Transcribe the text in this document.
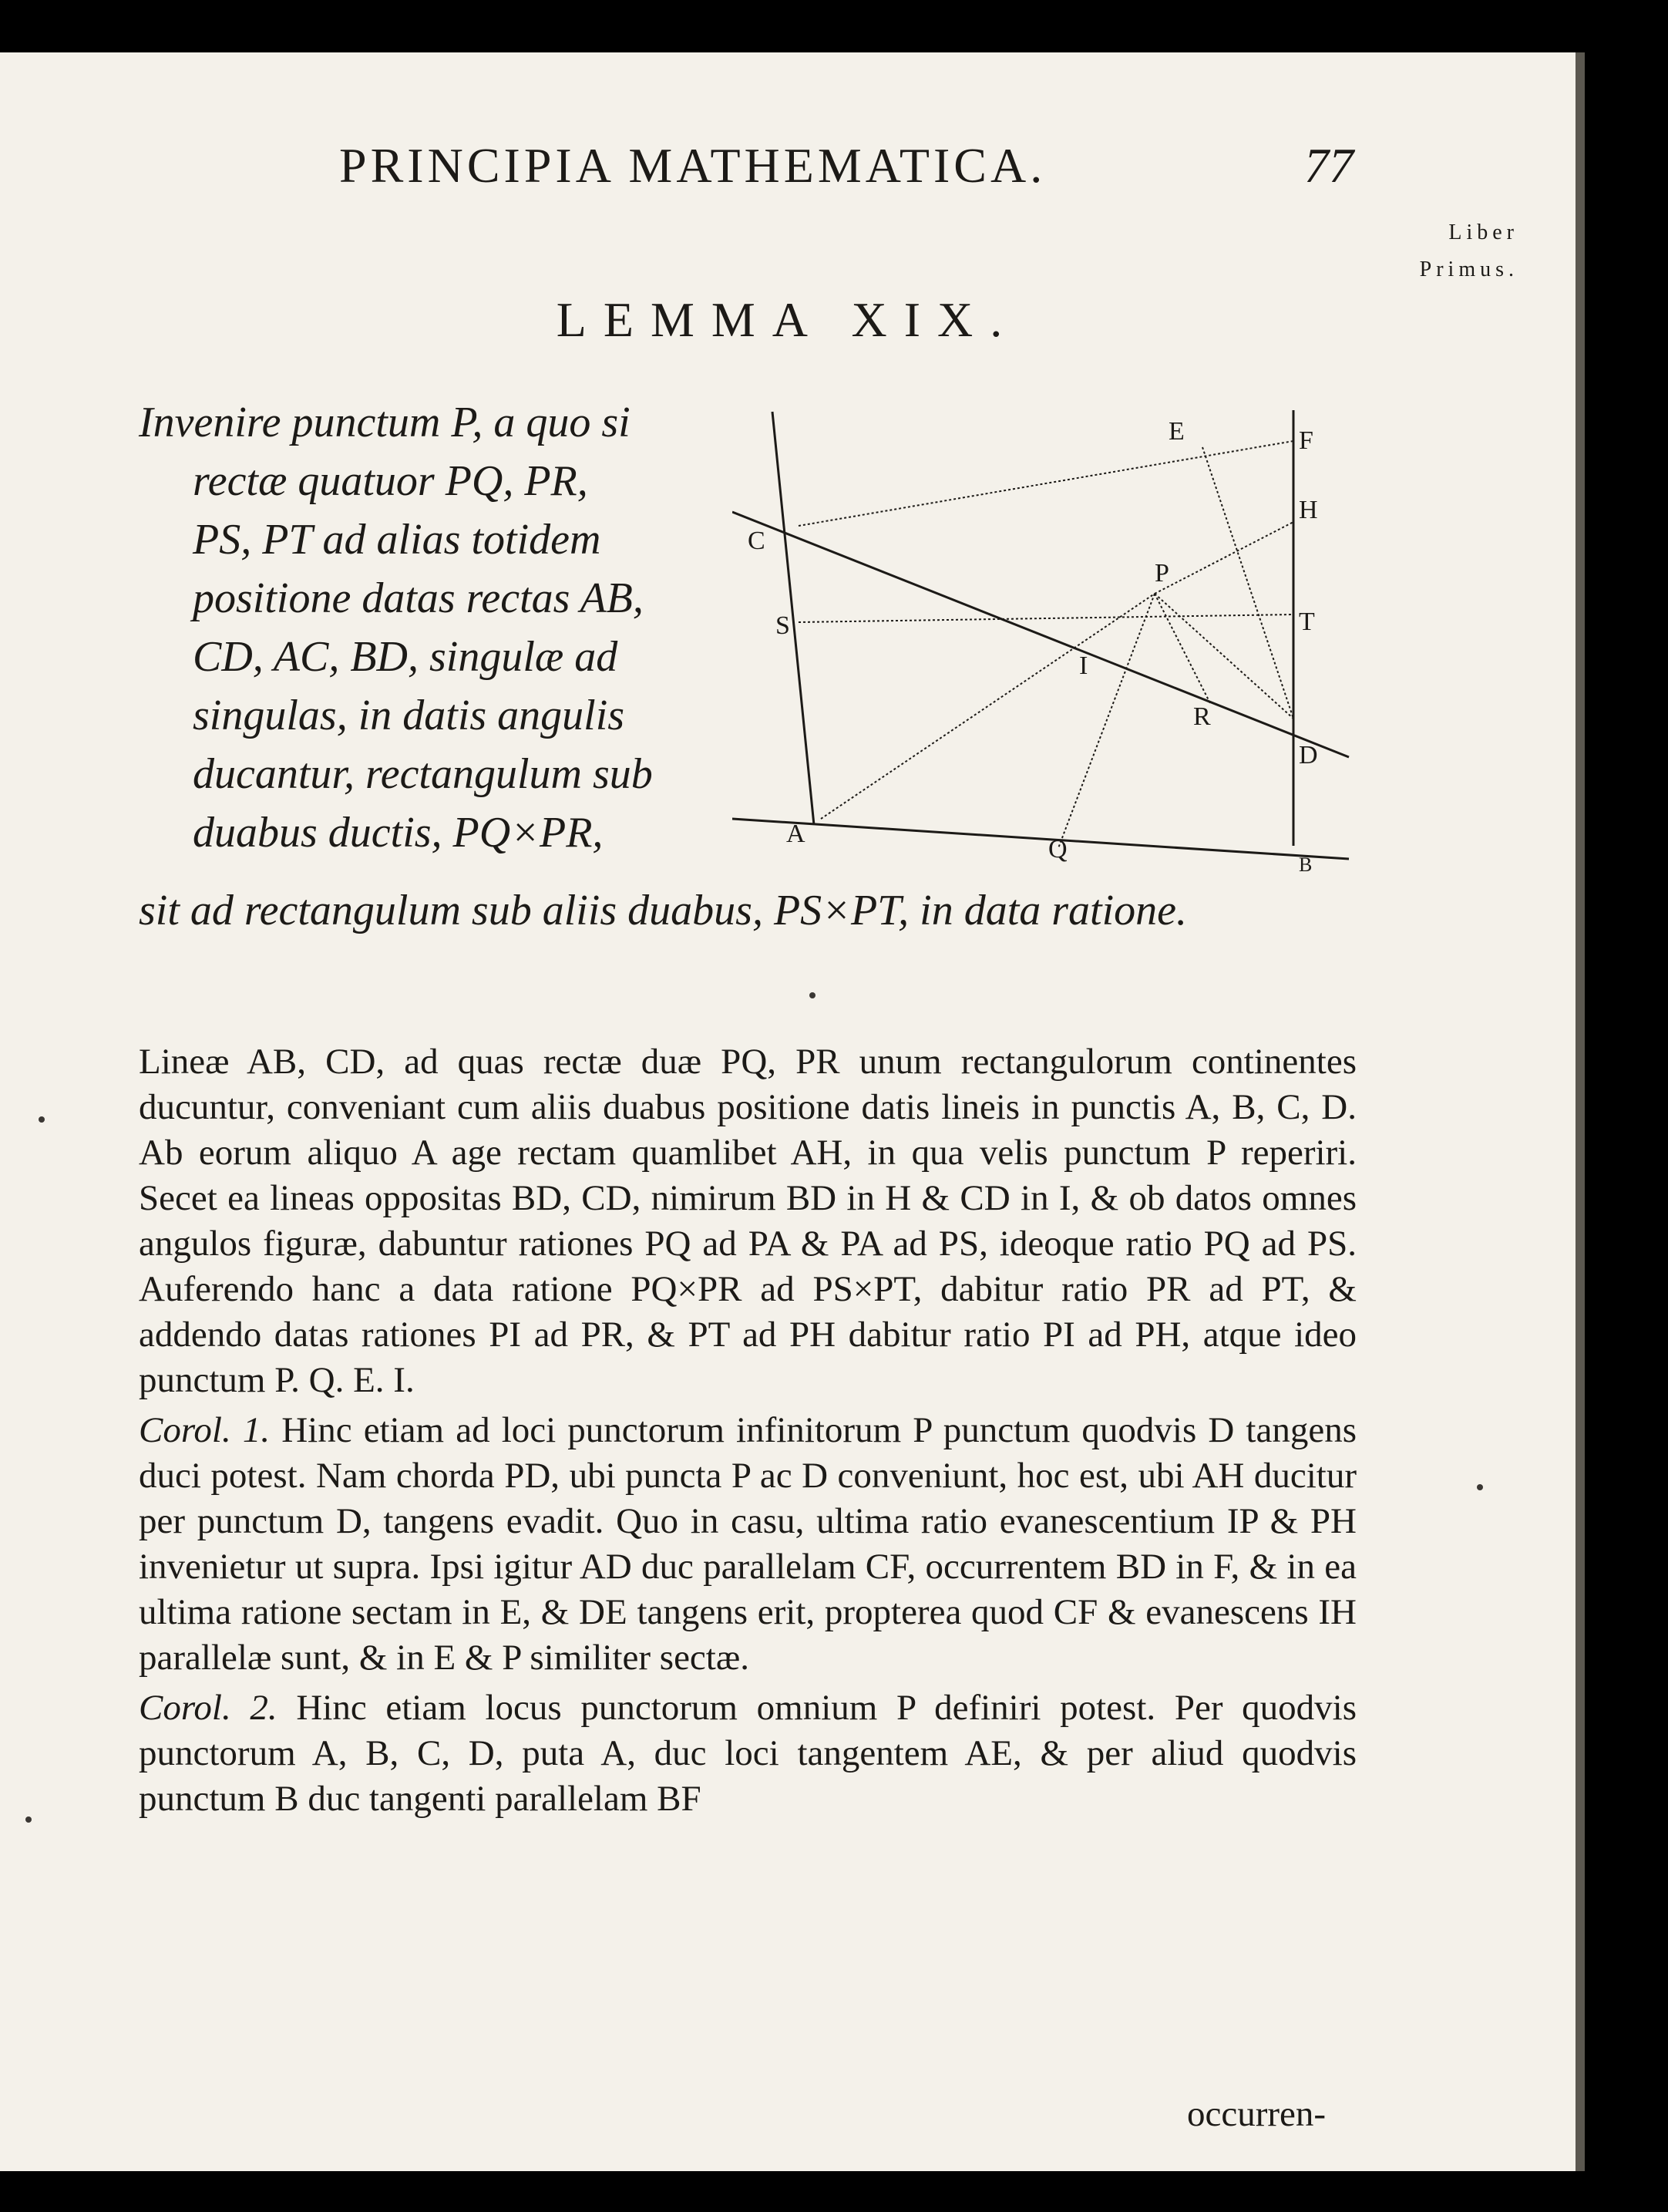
PRINCIPIA MATHEMATICA.	77
Liber
Primus.
LEMMA XIX.
Invenire punctum P, a quo si
rectæ quatuor PQ, PR,
PS, PT ad alias totidem
positione datas rectas AB,
CD, AC, BD, singulæ ad
singulas, in datis angulis
ducantur, rectangulum sub
duabus ductis, PQ×PR,
sit ad rectangulum sub aliis duabus, PS×PT, in data ratione.
E	F
H
C
P
S	T
I
R
D
A
Q
B

Lineæ AB, CD, ad quas rectæ duæ PQ, PR unum rectangulorum continentes ducuntur, conveniant cum aliis duabus positione datis lineis in punctis A, B, C, D. Ab eorum aliquo A age rectam quamlibet AH, in qua velis punctum P reperiri. Secet ea lineas oppositas BD, CD, nimirum BD in H & CD in I, & ob datos omnes angulos figuræ, dabuntur rationes PQ ad PA & PA ad PS, ideoque ratio PQ ad PS. Auferendo hanc a data ratione PQ×PR ad PS×PT, dabitur ratio PR ad PT, & addendo datas rationes PI ad PR, & PT ad PH dabitur ratio PI ad PH, atque ideo punctum P. Q. E. I.

Corol. 1. Hinc etiam ad loci punctorum infinitorum P punctum quodvis D tangens duci potest. Nam chorda PD, ubi puncta P ac D conveniunt, hoc est, ubi AH ducitur per punctum D, tangens evadit. Quo in casu, ultima ratio evanescentium IP & PH invenietur ut supra. Ipsi igitur AD duc parallelam CF, occurrentem BD in F, & in ea ultima ratione sectam in E, & DE tangens erit, propterea quod CF & evanescens IH parallelæ sunt, & in E & P similiter sectæ.

Corol. 2. Hinc etiam locus punctorum omnium P definiri potest. Per quodvis punctorum A, B, C, D, puta A, duc loci tangentem AE, & per aliud quodvis punctum B duc tangenti parallelam BF

occurren-
